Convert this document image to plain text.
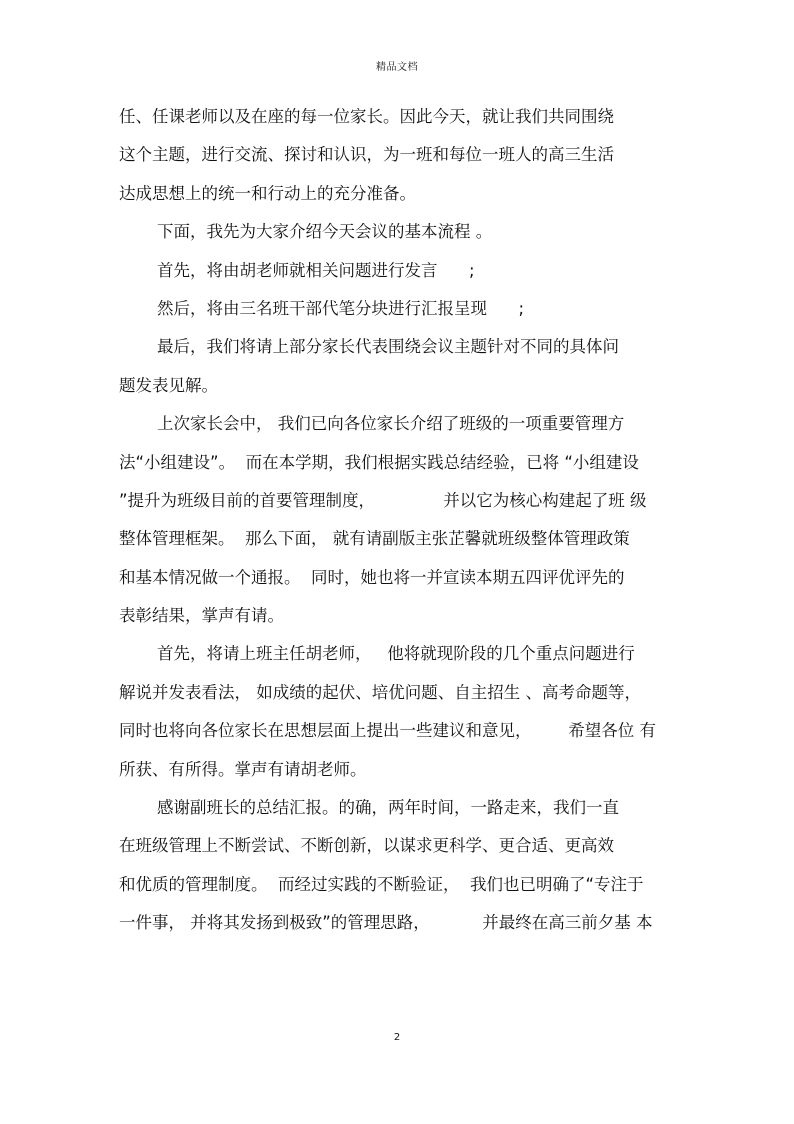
精品文档
任、任课老师以及在座的每一位家长。因此今天，就让我们共同围绕
这个主题，进行交流、探讨和认识，为一班和每位一班人的高三生活
达成思想上的统一和行动上的充分准备。
下面，我先为大家介绍今天会议的基本流程 。
首先，将由胡老师就相关问题进行发言      ;
然后，将由三名班干部代笔分块进行汇报呈现      ;
最后，我们将请上部分家长代表围绕会议主题针对不同的具体问
题发表见解。
上次家长会中， 我们已向各位家长介绍了班级的一项重要管理方
法“小组建设”。  而在本学期，我们根据实践总结经验，已将 “小组建设
”提升为班级目前的首要管理制度，             并以它为核心构建起了班 级
整体管理框架。  那么下面， 就有请副版主张芷馨就班级整体管理政策
和基本情况做一个通报。  同时，她也将一并宣读本期五四评优评先的
表彰结果，掌声有请。
首先，将请上班主任胡老师，   他将就现阶段的几个重点问题进行
解说并发表看法， 如成绩的起伏、培优问题、自主招生 、高考命题等，
同时也将向各位家长在思想层面上提出一些建议和意见，       希望各位 有
所获、有所得。掌声有请胡老师。
感谢副班长的总结汇报。的确，两年时间，一路走来，我们一直
在班级管理上不断尝试、不断创新，以谋求更科学、更合适、更高效
和优质的管理制度。  而经过实践的不断验证，  我们也已明确了“专注于
一件事， 并将其发扬到极致”的管理思路，          并最终在高三前夕基 本
2
